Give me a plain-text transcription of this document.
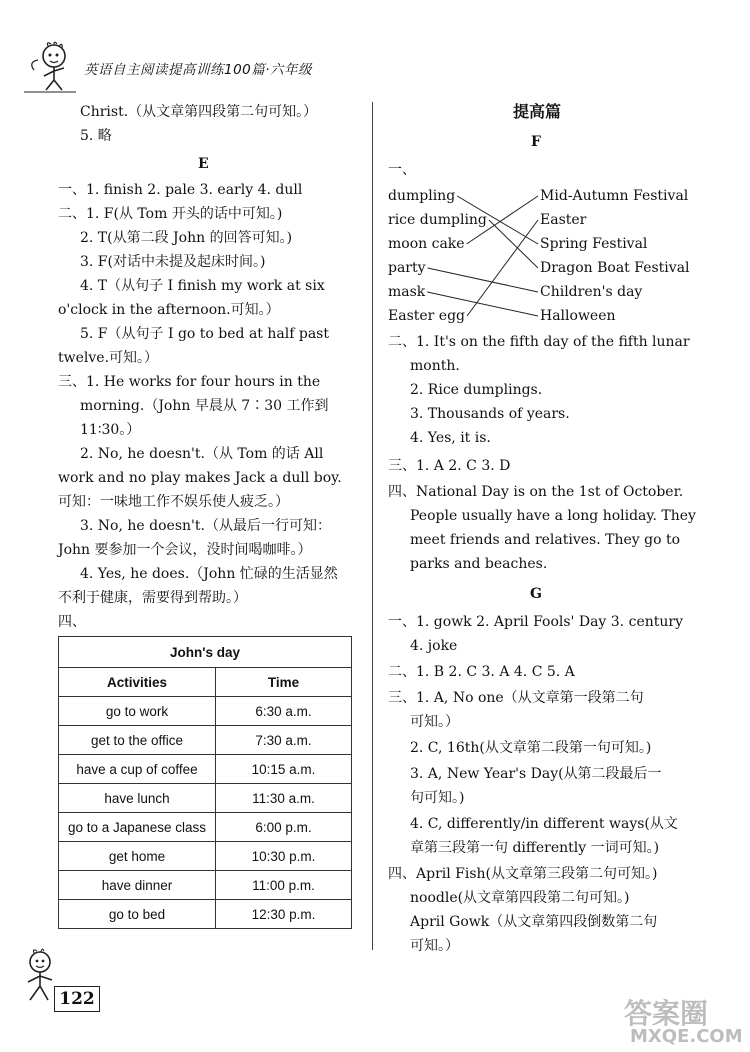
英语自主阅读提高训练100篇·六年级
Christ.（从文章第四段第二句可知。）
5. 略
E
一、1. finish 2. pale 3. early 4. dull
二、1. F(从 Tom 开头的话中可知。)
2. T(从第二段 John 的回答可知。)
3. F(对话中未提及起床时间。)
4. T（从句子 I finish my work at six
o'clock in the afternoon.可知。）
5. F（从句子 I go to bed at half past
twelve.可知。）
三、1. He works for four hours in the
morning.（John 早晨从 7∶30 工作到
11∶30。）
2. No, he doesn't.（从 Tom 的话 All
work and no play makes Jack a dull boy.
可知：一味地工作不娱乐使人疲乏。）
3. No, he doesn't.（从最后一行可知：
John 要参加一个会议，没时间喝咖啡。）
4. Yes, he does.（John 忙碌的生活显然
不利于健康，需要得到帮助。）
四、
John's day	
Activities	Time
go to work	6:30 a.m.
get to the office	7:30 a.m.
have a cup of coffee	10:15 a.m.
have lunch	11:30 a.m.
go to a Japanese class	6:00 p.m.
get home	10:30 p.m.
have dinner	11:00 p.m.
go to bed	12:30 p.m.
提高篇
F
一、
dumpling
rice dumpling
moon cake
party
mask
Easter egg
Mid-Autumn Festival
Easter
Spring Festival
Dragon Boat Festival
Children's day
Halloween
二、1. It's on the fifth day of the fifth lunar
month.
2. Rice dumplings.
3. Thousands of years.
4. Yes, it is.
三、1. A 2. C 3. D
四、National Day is on the 1st of October.
People usually have a long holiday. They
meet friends and relatives. They go to
parks and beaches.
G
一、1. gowk 2. April Fools' Day 3. century
4. joke
二、1. B 2. C 3. A 4. C 5. A
三、1. A, No one（从文章第一段第二句
可知。）
2. C, 16th(从文章第二段第一句可知。)
3. A, New Year's Day(从第二段最后一
句可知。)
4. C, differently/in different ways(从文
章第三段第一句 differently 一词可知。)
四、April Fish(从文章第三段第二句可知。)
noodle(从文章第四段第二句可知。)
April Gowk（从文章第四段倒数第二句
可知。）
122	答案圈
MXQE.COM
